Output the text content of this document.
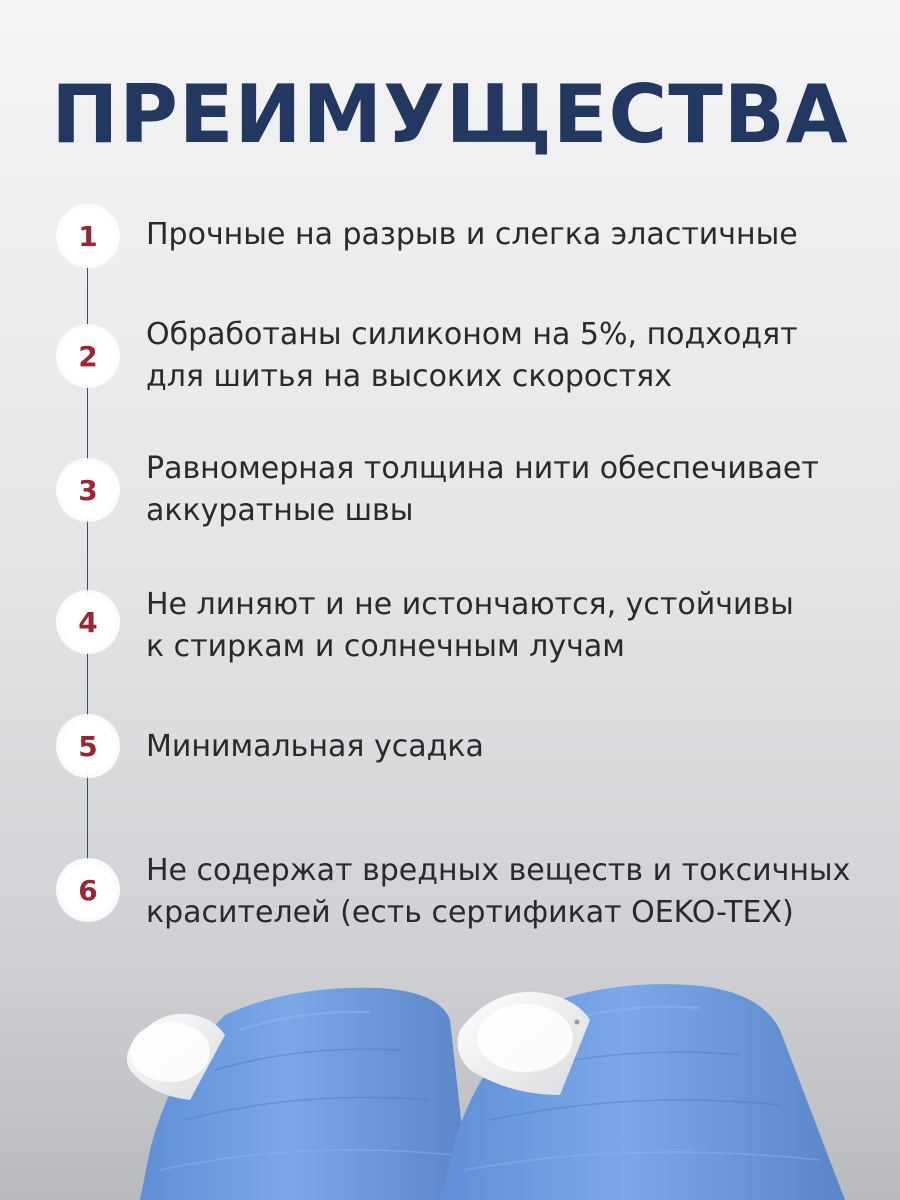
ПРЕИМУЩЕСТВА
1	Прочные на разрыв и слегка эластичные
2
Обработаны силиконом на 5%, подходят
для шитья на высоких скоростях
3
Равномерная толщина нити обеспечивает
аккуратные швы
4	Не линяют и не истончаются, устойчивы
к стиркам и солнечным лучам
5	Минимальная усадка
6
Не содержат вредных веществ и токсичных
красителей (есть сертификат OEKO-TEX)
